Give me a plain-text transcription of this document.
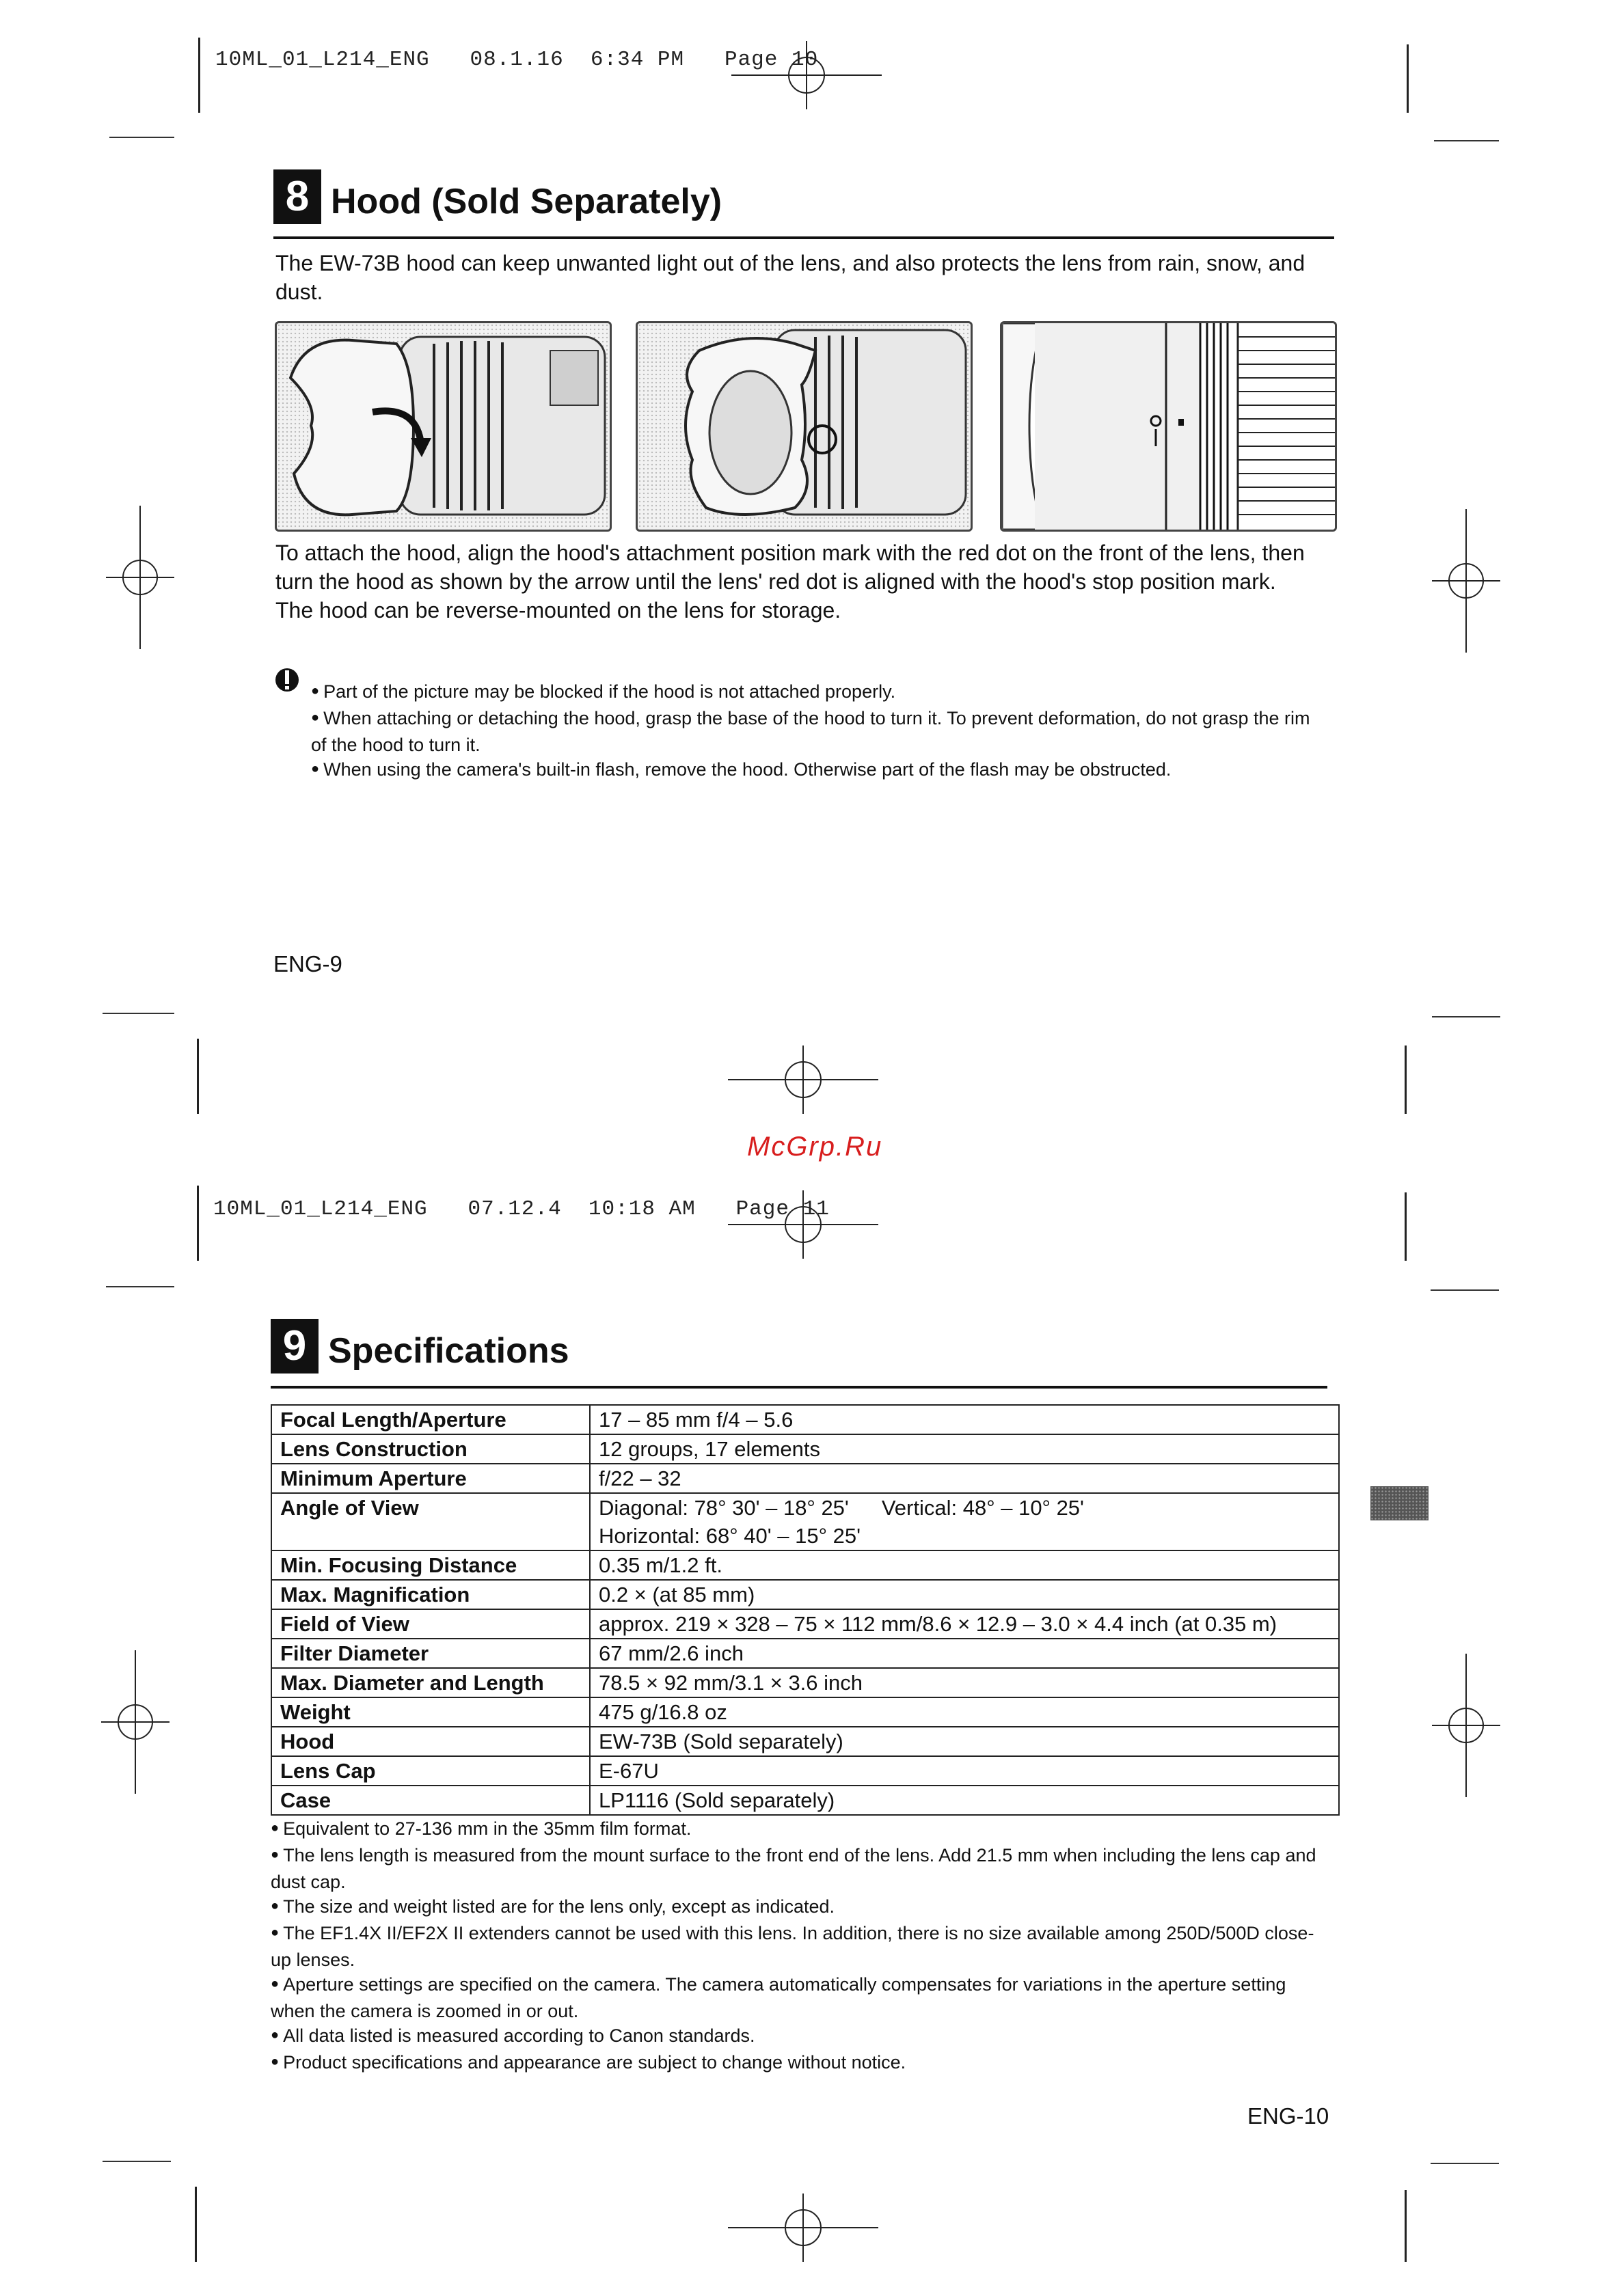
10ML_01_L214_ENG 08.1.16 6:34 PM Page 10
8 Hood (Sold Separately)
The EW-73B hood can keep unwanted light out of the lens, and also protects the lens from rain, snow, and dust.
To attach the hood, align the hood's attachment position mark with the red dot on the front of the lens, then turn the hood as shown by the arrow until the lens' red dot is aligned with the hood's stop position mark.
The hood can be reverse-mounted on the lens for storage.
● Part of the picture may be blocked if the hood is not attached properly.
● When attaching or detaching the hood, grasp the base of the hood to turn it. To prevent deformation, do not grasp the rim of the hood to turn it.
● When using the camera's built-in flash, remove the hood. Otherwise part of the flash may be obstructed.
ENG-9
McGrp.Ru
10ML_01_L214_ENG 07.12.4 10:18 AM Page 11
9 Specifications
Focal Length/Aperture	17 – 85 mm f/4 – 5.6
Lens Construction	12 groups, 17 elements
Minimum Aperture	f/22 – 32
Angle of View	Diagonal: 78° 30' – 18° 25' Vertical: 48° – 10° 25'
Horizontal: 68° 40' – 15° 25'

Min. Focusing Distance	0.35 m/1.2 ft.
Max. Magnification	0.2 × (at 85 mm)
Field of View	approx. 219 × 328 – 75 × 112 mm/8.6 × 12.9 – 3.0 × 4.4 inch (at 0.35 m)
Filter Diameter	67 mm/2.6 inch
Max. Diameter and Length	78.5 × 92 mm/3.1 × 3.6 inch
Weight	475 g/16.8 oz
Hood	EW-73B (Sold separately)
Lens Cap	E-67U
Case	LP1116 (Sold separately)
● Equivalent to 27-136 mm in the 35mm film format.
● The lens length is measured from the mount surface to the front end of the lens. Add 21.5 mm when including the lens cap and dust cap.
● The size and weight listed are for the lens only, except as indicated.
● The EF1.4X II/EF2X II extenders cannot be used with this lens. In addition, there is no size available among 250D/500D close-up lenses.
● Aperture settings are specified on the camera. The camera automatically compensates for variations in the aperture setting when the camera is zoomed in or out.
● All data listed is measured according to Canon standards.
● Product specifications and appearance are subject to change without notice.
ENG-10
